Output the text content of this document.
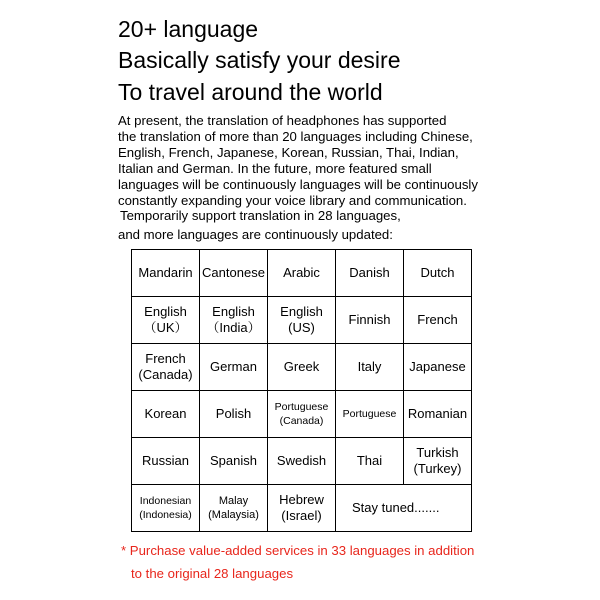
20+ language
Basically satisfy your desire
To travel around the world
At present, the translation of headphones has supported
the translation of more than 20 languages including Chinese,
English, French, Japanese, Korean, Russian, Thai, Indian,
Italian and German. In the future, more featured small
languages will be continuously languages will be continuously
constantly expanding your voice library and communication.
Temporarily support translation in 28 languages,
and more languages are continuously updated:
Mandarin	Cantonese	Arabic	Danish	Dutch
English
（UK）	English
（India）	English
(US)	Finnish	French
French
(Canada)	German	Greek	Italy	Japanese
Korean	Polish	Portuguese
(Canada)	Portuguese	Romanian
Russian	Spanish	Swedish	Thai	Turkish
(Turkey)

Indonesian
(Indonesia)	Malay
(Malaysia)	Hebrew
(Israel)	Stay tuned.......	
* Purchase value-added services in 33 languages in addition
to the original 28 languages
